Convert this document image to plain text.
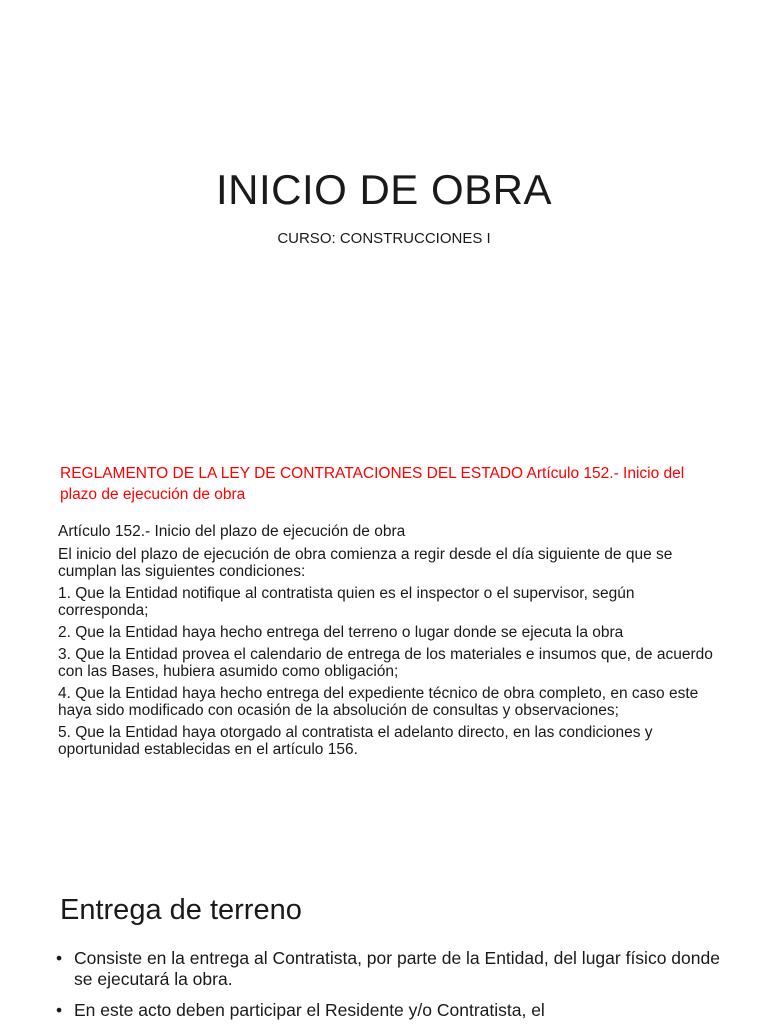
INICIO DE OBRA

CURSO: CONSTRUCCIONES I

REGLAMENTO DE LA LEY DE CONTRATACIONES DEL ESTADO Artículo 152.- Inicio del plazo de ejecución de obra

Artículo 152.- Inicio del plazo de ejecución de obra

El inicio del plazo de ejecución de obra comienza a regir desde el día siguiente de que se cumplan las siguientes condiciones:

1. Que la Entidad notifique al contratista quien es el inspector o el supervisor, según corresponda;

2. Que la Entidad haya hecho entrega del terreno o lugar donde se ejecuta la obra

3. Que la Entidad provea el calendario de entrega de los materiales e insumos que, de acuerdo con las Bases, hubiera asumido como obligación;

4. Que la Entidad haya hecho entrega del expediente técnico de obra completo, en caso este haya sido modificado con ocasión de la absolución de consultas y observaciones;

5. Que la Entidad haya otorgado al contratista el adelanto directo, en las condiciones y oportunidad establecidas en el artículo 156.

Entrega de terreno
• Consiste en la entrega al Contratista, por parte de la Entidad, del lugar físico donde se ejecutará la obra.
• En este acto deben participar el Residente y/o Contratista, el
